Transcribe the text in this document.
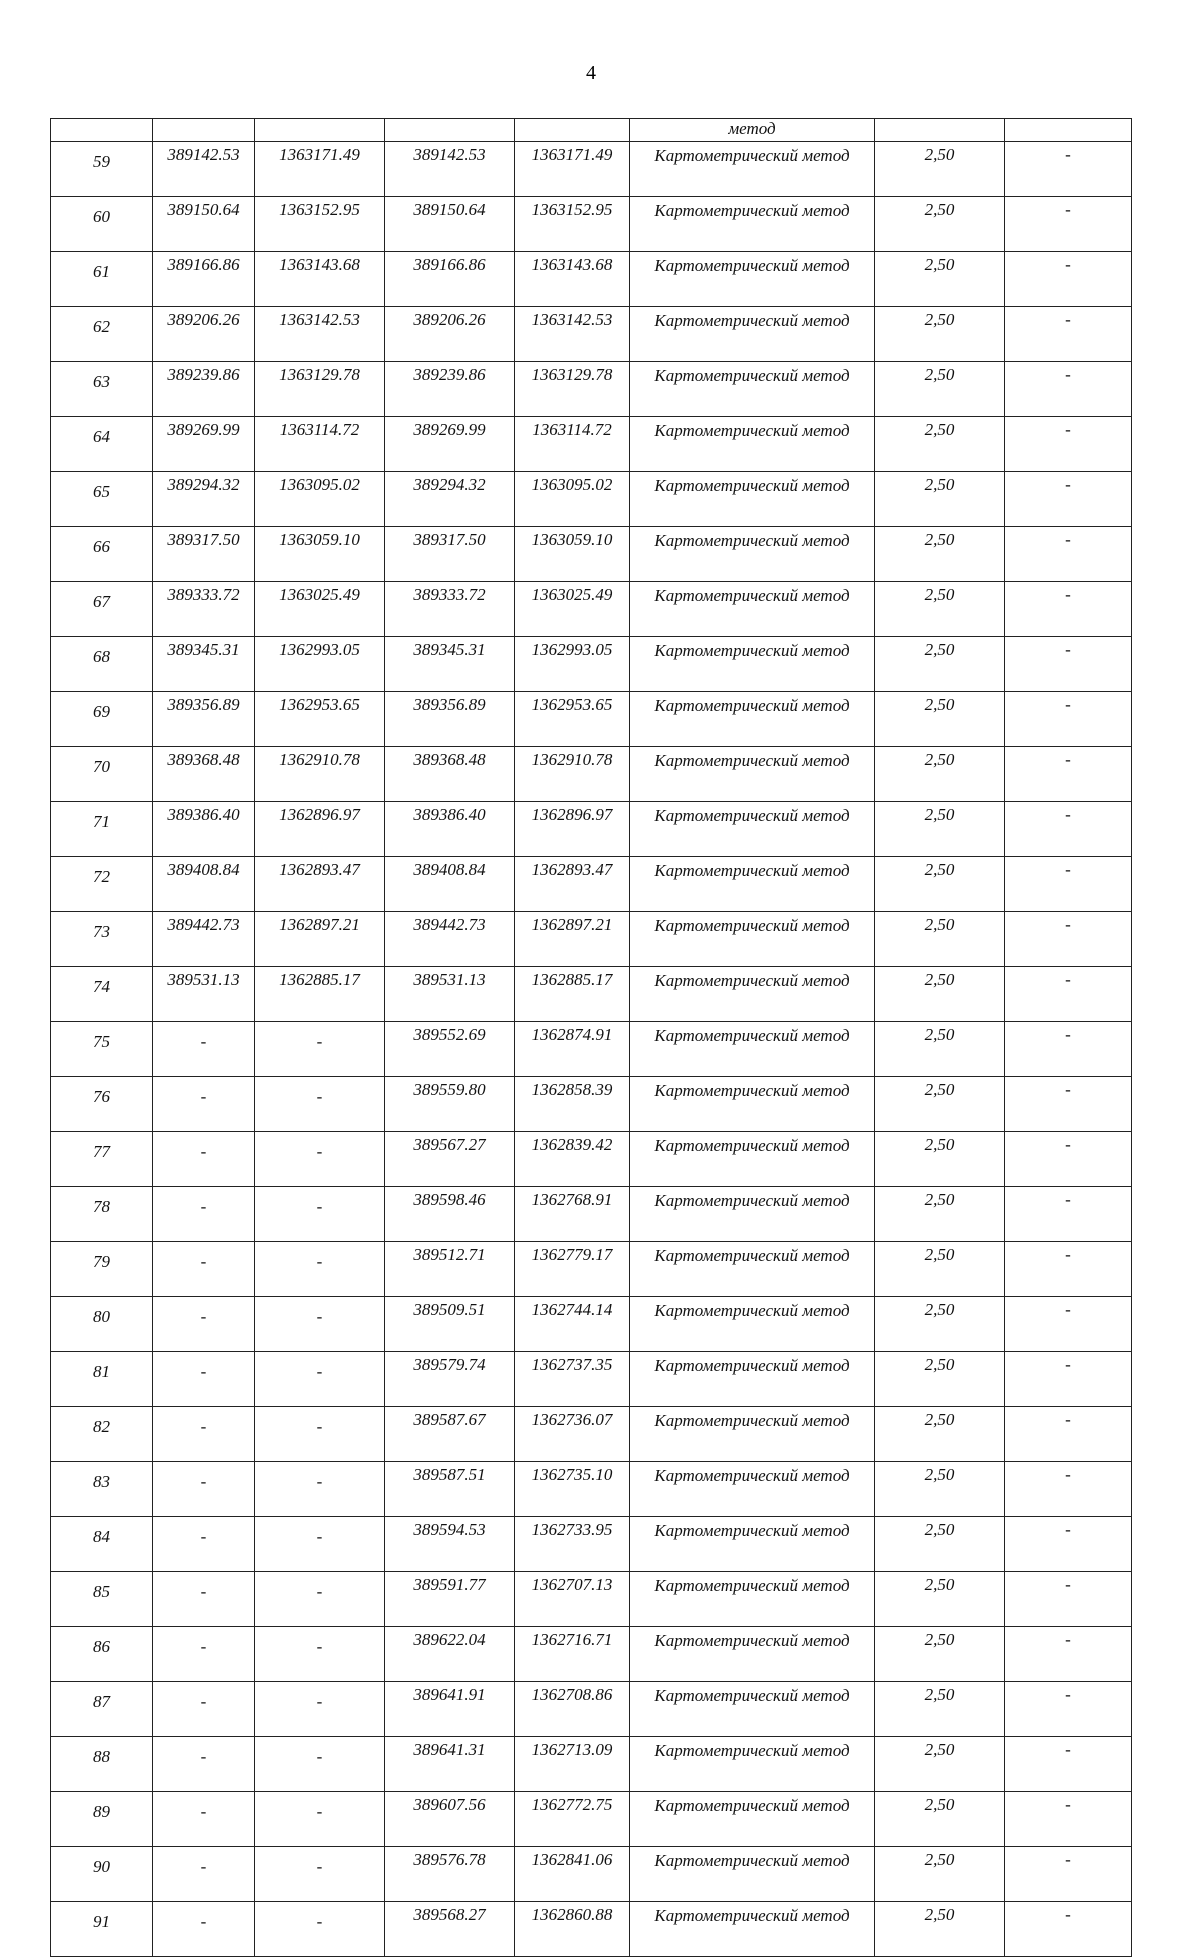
4
					метод		
59	389142.53	1363171.49	389142.53	1363171.49	Картометрический метод	2,50	-
60	389150.64	1363152.95	389150.64	1363152.95	Картометрический метод	2,50	-
61	389166.86	1363143.68	389166.86	1363143.68	Картометрический метод	2,50	-
62	389206.26	1363142.53	389206.26	1363142.53	Картометрический метод	2,50	-
63	389239.86	1363129.78	389239.86	1363129.78	Картометрический метод	2,50	-
64	389269.99	1363114.72	389269.99	1363114.72	Картометрический метод	2,50	-
65	389294.32	1363095.02	389294.32	1363095.02	Картометрический метод	2,50	-
66	389317.50	1363059.10	389317.50	1363059.10	Картометрический метод	2,50	-
67	389333.72	1363025.49	389333.72	1363025.49	Картометрический метод	2,50	-
68	389345.31	1362993.05	389345.31	1362993.05	Картометрический метод	2,50	-
69	389356.89	1362953.65	389356.89	1362953.65	Картометрический метод	2,50	-
70	389368.48	1362910.78	389368.48	1362910.78	Картометрический метод	2,50	-
71	389386.40	1362896.97	389386.40	1362896.97	Картометрический метод	2,50	-
72	389408.84	1362893.47	389408.84	1362893.47	Картометрический метод	2,50	-
73	389442.73	1362897.21	389442.73	1362897.21	Картометрический метод	2,50	-
74	389531.13	1362885.17	389531.13	1362885.17	Картометрический метод	2,50	-
75	-	-	389552.69	1362874.91	Картометрический метод	2,50	-
76	-	-	389559.80	1362858.39	Картометрический метод	2,50	-
77	-	-	389567.27	1362839.42	Картометрический метод	2,50	-
78	-	-	389598.46	1362768.91	Картометрический метод	2,50	-
79	-	-	389512.71	1362779.17	Картометрический метод	2,50	-
80	-	-	389509.51	1362744.14	Картометрический метод	2,50	-
81	-	-	389579.74	1362737.35	Картометрический метод	2,50	-
82	-	-	389587.67	1362736.07	Картометрический метод	2,50	-
83	-	-	389587.51	1362735.10	Картометрический метод	2,50	-
84	-	-	389594.53	1362733.95	Картометрический метод	2,50	-
85	-	-	389591.77	1362707.13	Картометрический метод	2,50	-
86	-	-	389622.04	1362716.71	Картометрический метод	2,50	-
87	-	-	389641.91	1362708.86	Картометрический метод	2,50	-
88	-	-	389641.31	1362713.09	Картометрический метод	2,50	-
89	-	-	389607.56	1362772.75	Картометрический метод	2,50	-
90	-	-	389576.78	1362841.06	Картометрический метод	2,50	-
91	-	-	389568.27	1362860.88	Картометрический метод	2,50	-
